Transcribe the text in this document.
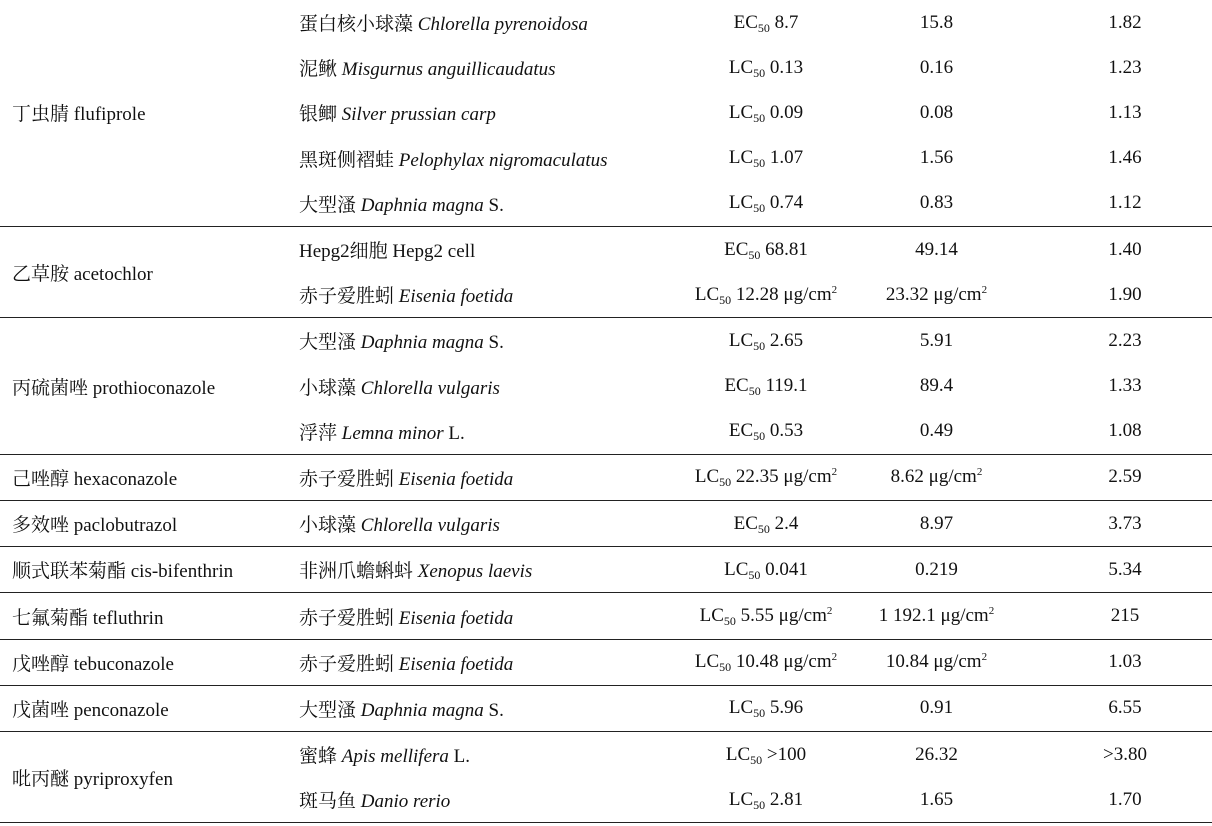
丁虫腈 flufiprole	蛋白核小球藻 Chlorella pyrenoidosa	$EC_{50}$ 8.7	15.8	1.82
	泥鳅 Misgurnus anguillicaudatus	$LC_{50}$ 0.13	0.16	1.23
	银鲫 Silver prussian carp	$LC_{50}$ 0.09	0.08	1.13
	黑斑侧褶蛙 Pelophylax nigromaculatus	$LC_{50}$ 1.07	1.56	1.46
	大型溞 Daphnia magna S.	$LC_{50}$ 0.74	0.83	1.12
乙草胺 acetochlor	Hepg2细胞 Hepg2 cell	$EC_{50}$ 68.81	49.14	1.40
	赤子爱胜蚓 Eisenia foetida	$LC_{50}$ 12.28 $\mu g/cm^2$	23.32 $\mu g/cm^2$	1.90
丙硫菌唑 prothioconazole	大型溞 Daphnia magna S.	$LC_{50}$ 2.65	5.91	2.23
	小球藻 Chlorella vulgaris	$EC_{50}$ 119.1	89.4	1.33
	浮萍 Lemna minor L.	$EC_{50}$ 0.53	0.49	1.08
己唑醇 hexaconazole	赤子爱胜蚓 Eisenia foetida	$LC_{50}$ 22.35 $\mu g/cm^2$	8.62 $\mu g/cm^2$	2.59
多效唑 paclobutrazol	小球藻 Chlorella vulgaris	$EC_{50}$ 2.4	8.97	3.73
顺式联苯菊酯 cis-bifenthrin	非洲爪蟾蝌蚪 Xenopus laevis	$LC_{50}$ 0.041	0.219	5.34
七氟菊酯 tefluthrin	赤子爱胜蚓 Eisenia foetida	$LC_{50}$ 5.55 $\mu g/cm^2$	1 192.1 $\mu g/cm^2$	215
戊唑醇 tebuconazole	赤子爱胜蚓 Eisenia foetida	$LC_{50}$ 10.48 $\mu g/cm^2$	10.84 $\mu g/cm^2$	1.03
戊菌唑 penconazole	大型溞 Daphnia magna S.	$LC_{50}$ 5.96	0.91	6.55
吡丙醚 pyriproxyfen	蜜蜂 Apis mellifera L.	$LC_{50} >100$	26.32	>3.80
	斑马鱼 Danio rerio	$LC_{50}$ 2.81	1.65	1.70
